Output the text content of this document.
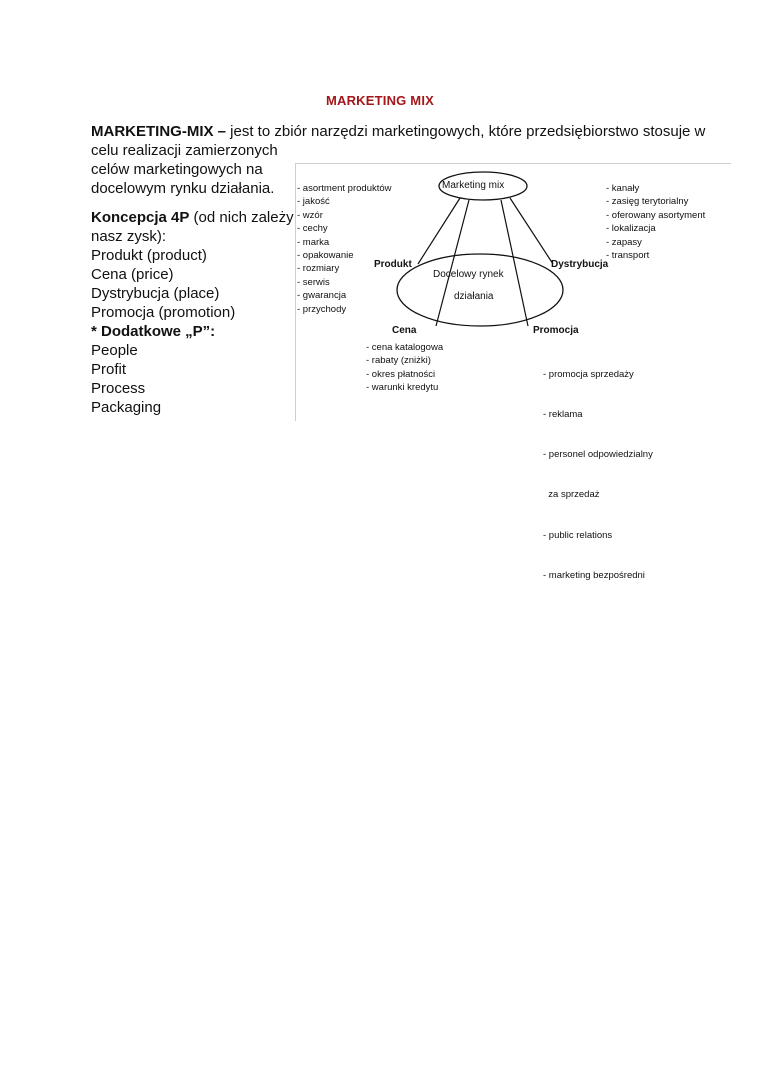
MARKETING MIX
MARKETING-MIX – jest to zbiór narzędzi marketingowych, które przedsiębiorstwo stosuje w
celu realizacji zamierzonych
celów marketingowych na
docelowym rynku działania.
Koncepcja 4P (od nich zależy
nasz zysk):
Produkt (product)
Cena (price)
Dystrybucja (place)
Promocja (promotion)
* Dodatkowe „P”:
People
Profit
Process
Packaging
Marketing mix
Docelowy rynek
działania
Produkt	Dystrybucja
Cena	Promocja
- asortment produktów
- jakość
- wzór
- cechy
- marka
- opakowanie
- rozmiary
- serwis
- gwarancja
- przychody
- kanały
- zasięg terytorialny
- oferowany asortyment
- lokalizacja
- zapasy
- transport
- cena katalogowa
- rabaty (zniżki)
- okres płatności
- warunki kredytu

- promocja sprzedaży

- reklama

- personel odpowiedzialny

za sprzedaż

- public relations

- marketing bezpośredni
